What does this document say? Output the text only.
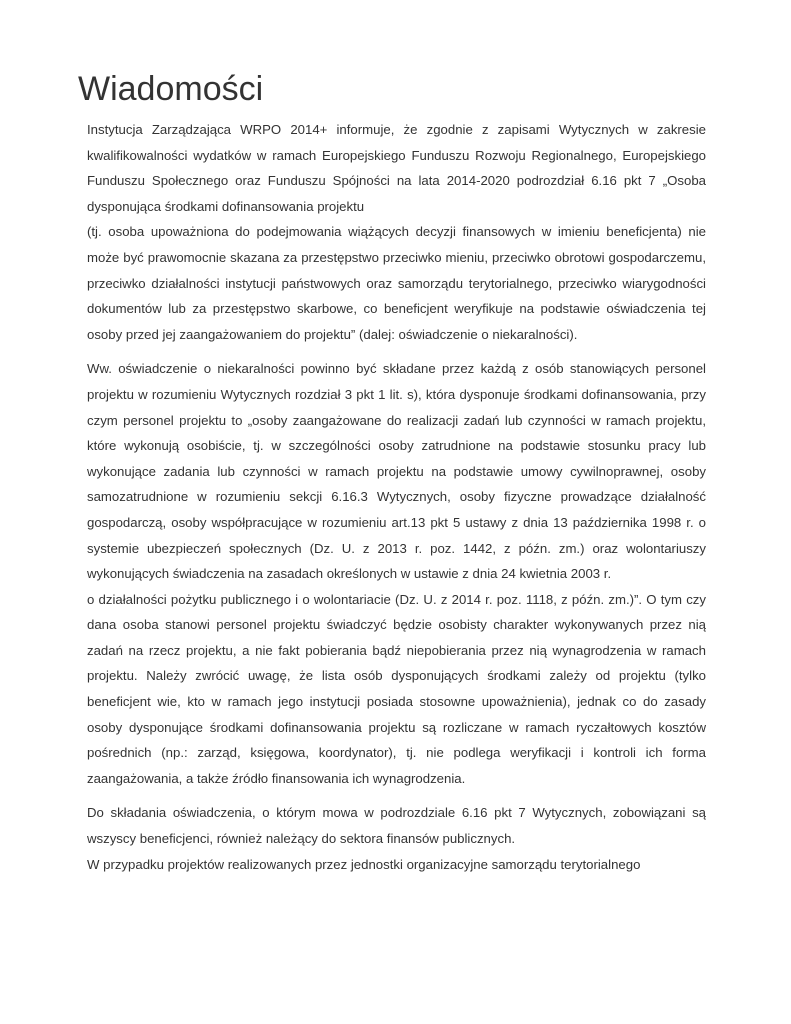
Wiadomości

Instytucja Zarządzająca WRPO 2014+ informuje, że zgodnie z zapisami Wytycznych w zakresie kwalifikowalności wydatków w ramach Europejskiego Funduszu Rozwoju Regionalnego, Europejskiego Funduszu Społecznego oraz Funduszu Spójności na lata 2014-2020 podrozdział 6.16 pkt 7 „Osoba dysponująca środkami dofinansowania projektu

(tj. osoba upoważniona do podejmowania wiążących decyzji finansowych w imieniu beneficjenta) nie może być prawomocnie skazana za przestępstwo przeciwko mieniu, przeciwko obrotowi gospodarczemu, przeciwko działalności instytucji państwowych oraz samorządu terytorialnego, przeciwko wiarygodności dokumentów lub za przestępstwo skarbowe, co beneficjent weryfikuje na podstawie oświadczenia tej osoby przed jej zaangażowaniem do projektu” (dalej: oświadczenie o niekaralności).

Ww. oświadczenie o niekaralności powinno być składane przez każdą z osób stanowiących personel projektu w rozumieniu Wytycznych rozdział 3 pkt 1 lit. s), która dysponuje środkami dofinansowania, przy czym personel projektu to „osoby zaangażowane do realizacji zadań lub czynności w ramach projektu, które wykonują osobiście, tj. w szczególności osoby zatrudnione na podstawie stosunku pracy lub wykonujące zadania lub czynności w ramach projektu na podstawie umowy cywilnoprawnej, osoby samozatrudnione w rozumieniu sekcji 6.16.3 Wytycznych, osoby fizyczne prowadzące działalność gospodarczą, osoby współpracujące w rozumieniu art.13 pkt 5 ustawy z dnia 13 października 1998 r. o systemie ubezpieczeń społecznych (Dz. U. z 2013 r. poz. 1442, z późn. zm.) oraz wolontariuszy wykonujących świadczenia na zasadach określonych w ustawie z dnia 24 kwietnia 2003 r.

o działalności pożytku publicznego i o wolontariacie (Dz. U. z 2014 r. poz. 1118, z późn. zm.)”. O tym czy dana osoba stanowi personel projektu świadczyć będzie osobisty charakter wykonywanych przez nią zadań na rzecz projektu, a nie fakt pobierania bądź niepobierania przez nią wynagrodzenia w ramach projektu. Należy zwrócić uwagę, że lista osób dysponujących środkami zależy od projektu (tylko beneficjent wie, kto w ramach jego instytucji posiada stosowne upoważnienia), jednak co do zasady osoby dysponujące środkami dofinansowania projektu są rozliczane w ramach ryczałtowych kosztów pośrednich (np.: zarząd, księgowa, koordynator), tj. nie podlega weryfikacji i kontroli ich forma zaangażowania, a także źródło finansowania ich wynagrodzenia.

Do składania oświadczenia, o którym mowa w podrozdziale 6.16 pkt 7 Wytycznych, zobowiązani są wszyscy beneficjenci, również należący do sektora finansów publicznych.

W przypadku projektów realizowanych przez jednostki organizacyjne samorządu terytorialnego
